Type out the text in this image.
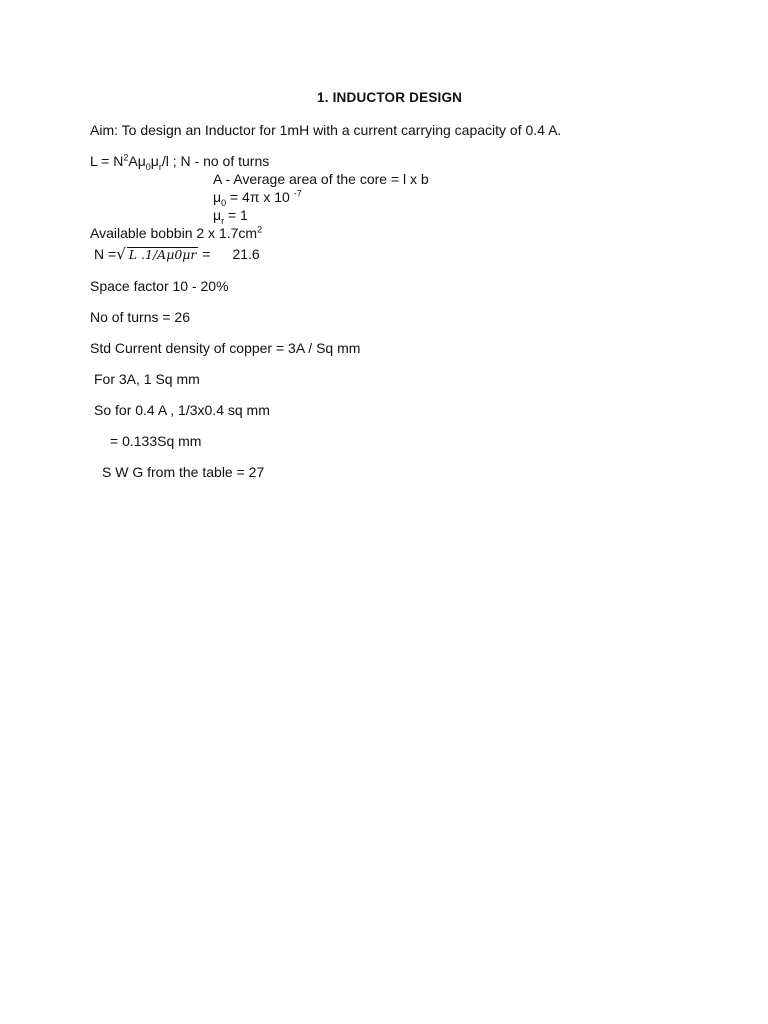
1. INDUCTOR DESIGN
Aim: To design an Inductor for 1mH with a current carrying capacity of 0.4 A.
$L = N^2A\mu_0\mu_r/l$ ; N - no of turns
A - Average area of the core = l x b
$\mu_0 = 4\pi$ x 10 $^{-7}$
$\mu_r = 1$
Available bobbin 2 x $1.7cm^2$
N =√ L .1/Aμ0μr = 21.6
Space factor 10 - 20%
No of turns = 26
Std Current density of copper = 3A / Sq mm
For 3A, 1 Sq mm
So for 0.4 A , 1/3x0.4 sq mm
= 0.133Sq mm
S W G from the table = 27
